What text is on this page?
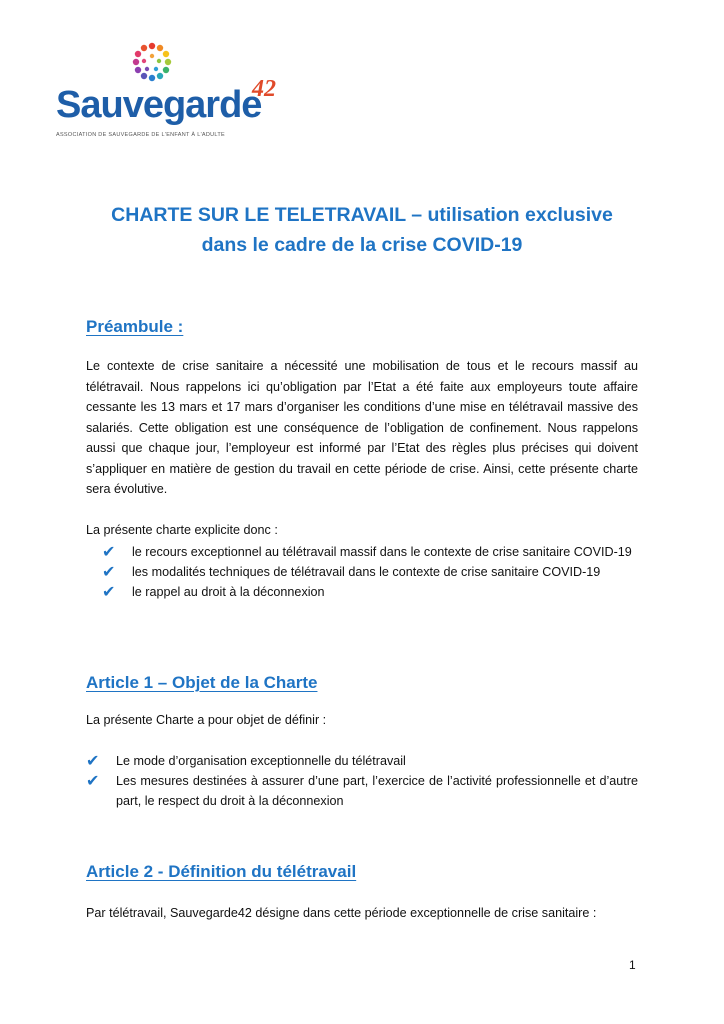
Sauvegarde
42
ASSOCIATION DE SAUVEGARDE DE L'ENFANT À L'ADULTE
CHARTE SUR LE TELETRAVAIL – utilisation exclusive
dans le cadre de la crise COVID-19
Préambule :
Le contexte de crise sanitaire a nécessité une mobilisation de tous et le recours massif au télétravail. Nous rappelons ici qu’obligation par l’Etat a été faite aux employeurs toute affaire cessante les 13 mars et 17 mars d’organiser les conditions d’une mise en télétravail massive des salariés. Cette obligation est une conséquence de l’obligation de confinement. Nous rappelons aussi que chaque jour, l’employeur est informé par l’Etat des règles plus précises qui doivent s’appliquer en matière de gestion du travail en cette période de crise. Ainsi, cette présente charte sera évolutive.
La présente charte explicite donc :
✔ le recours exceptionnel au télétravail massif dans le contexte de crise sanitaire COVID-19
✔ les modalités techniques de télétravail dans le contexte de crise sanitaire COVID-19
✔ le rappel au droit à la déconnexion
Article 1 – Objet de la Charte
La présente Charte a pour objet de définir :
✔ Le mode d’organisation exceptionnelle du télétravail
✔ Les mesures destinées à assurer d’une part, l’exercice de l’activité professionnelle et d’autre part, le respect du droit à la déconnexion
Article 2 - Définition du télétravail
Par télétravail, Sauvegarde42 désigne dans cette période exceptionnelle de crise sanitaire :
1
